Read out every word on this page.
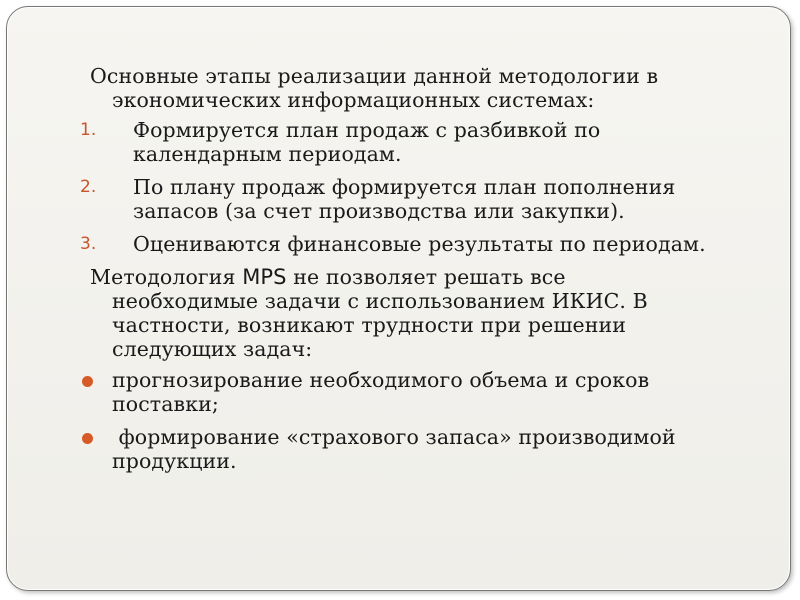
Основные этапы реализации данной методологии в
экономических информационных системах:
1. Формируется план продаж с разбивкой по календарным периодам.
2. По плану продаж формируется план пополнения запасов (за счет производства или закупки).
3. Оцениваются финансовые результаты по периодам.
Методология MPS не позволяет решать все
необходимые задачи с использованием ИКИС. В частности, возникают трудности при решении следующих задач:
прогнозирование необходимого объема и сроков поставки;
формирование «страхового запаса» производимой продукции.
